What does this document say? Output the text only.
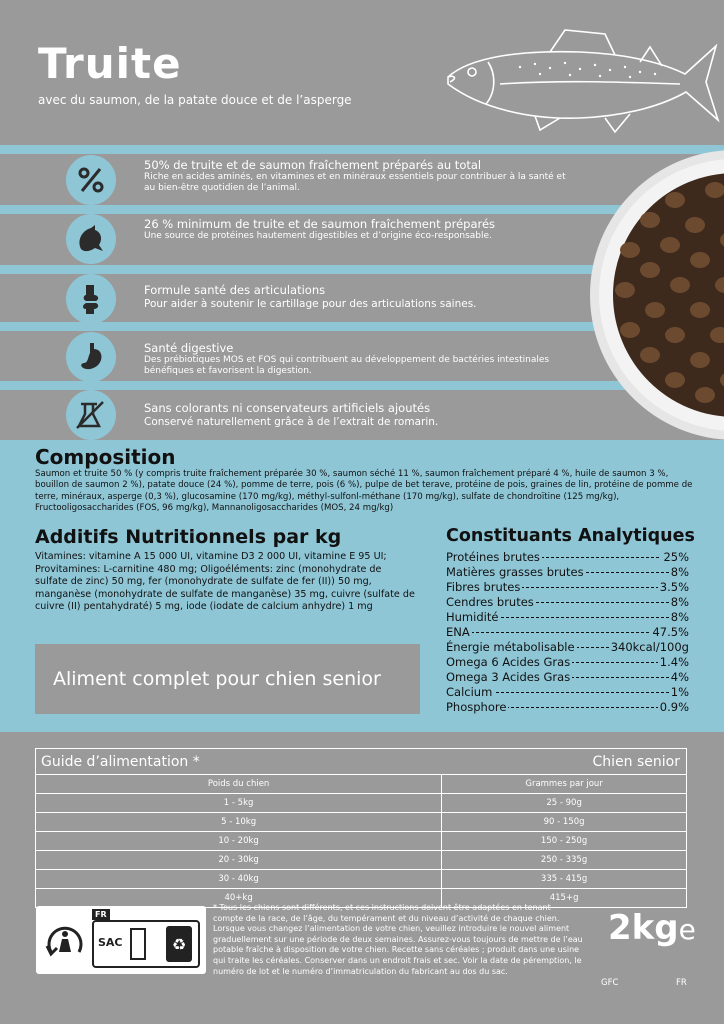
Truite
avec du saumon, de la patate douce et de l’asperge
50% de truite et de saumon fraîchement préparés au total
Riche en acides aminés, en vitamines et en minéraux essentiels pour contribuer à la santé et au bien-être quotidien de l’animal.
26 % minimum de truite et de saumon fraîchement préparés
Une source de protéines hautement digestibles et d’origine éco-responsable.
Formule santé des articulations
Pour aider à soutenir le cartillage pour des articulations saines.
Santé digestive
Des prébiotiques MOS et FOS qui contribuent au développement de bactéries intestinales bénéfiques et favorisent la digestion.
Sans colorants ni conservateurs artificiels ajoutés
Conservé naturellement grâce à de l’extrait de romarin.
Composition
Saumon et truite 50 % (y compris truite fraîchement préparée 30 %, saumon séché 11 %, saumon fraîchement préparé 4 %, huile de saumon 3 %, bouillon de saumon 2 %), patate douce (24 %), pomme de terre, pois (6 %), pulpe de bet terave, protéine de pois, graines de lin, protéine de pomme de terre, minéraux, asperge (0,3 %), glucosamine (170 mg/kg), méthyl-sulfonl-méthane (170 mg/kg), sulfate de chondroïtine (125 mg/kg), Fructooligosaccharides (FOS, 96 mg/kg), Mannanoligosaccharides (MOS, 24 mg/kg)
Additifs Nutritionnels par kg
Vitamines: vitamine A 15 000 UI, vitamine D3 2 000 UI, vitamine E 95 UI; Provitamines: L-carnitine 480 mg; Oligoéléments: zinc (monohydrate de sulfate de zinc) 50 mg, fer (monohydrate de sulfate de fer (II)) 50 mg, manganèse (monohydrate de sulfate de manganèse) 35 mg, cuivre (sulfate de cuivre (II) pentahydraté) 5 mg, iode (iodate de calcium anhydre) 1 mg
Constituants Analytiques
Protéines brutes	25%
Matières grasses brutes	8%
Fibres brutes	3.5%
Cendres brutes	8%
Humidité	8%
ENA	47.5%
Énergie métabolisable	340kcal/100g
Omega 6 Acides Gras	1.4%
Omega 3 Acides Gras	4%
Calcium	1%
Phosphore	0.9%
Aliment complet pour chien senior
Guide d’alimentation *	Chien senior
Poids du chien	Grammes par jour
1 - 5kg	25 - 90g
5 - 10kg	90 - 150g
10 - 20kg	150 - 250g
20 - 30kg	250 - 335g
30 - 40kg	335 - 415g
40+kg	415+g
FR
SAC	♻
* Tous les chiens sont différents, et ces instructions doivent être adaptées en tenant compte de la race, de l’âge, du tempérament et du niveau d’activité de chaque chien. Lorsque vous changez l’alimentation de votre chien, veuillez introduire le nouvel aliment graduellement sur une période de deux semaines. Assurez-vous toujours de mettre de l’eau potable fraîche à disposition de votre chien. Recette sans céréales ; produit dans une usine qui traite les céréales. Conserver dans un endroit frais et sec. Voir la date de péremption, le numéro de lot et le numéro d’immatriculation du fabricant au dos du sac.
2kge
GFC	FR
